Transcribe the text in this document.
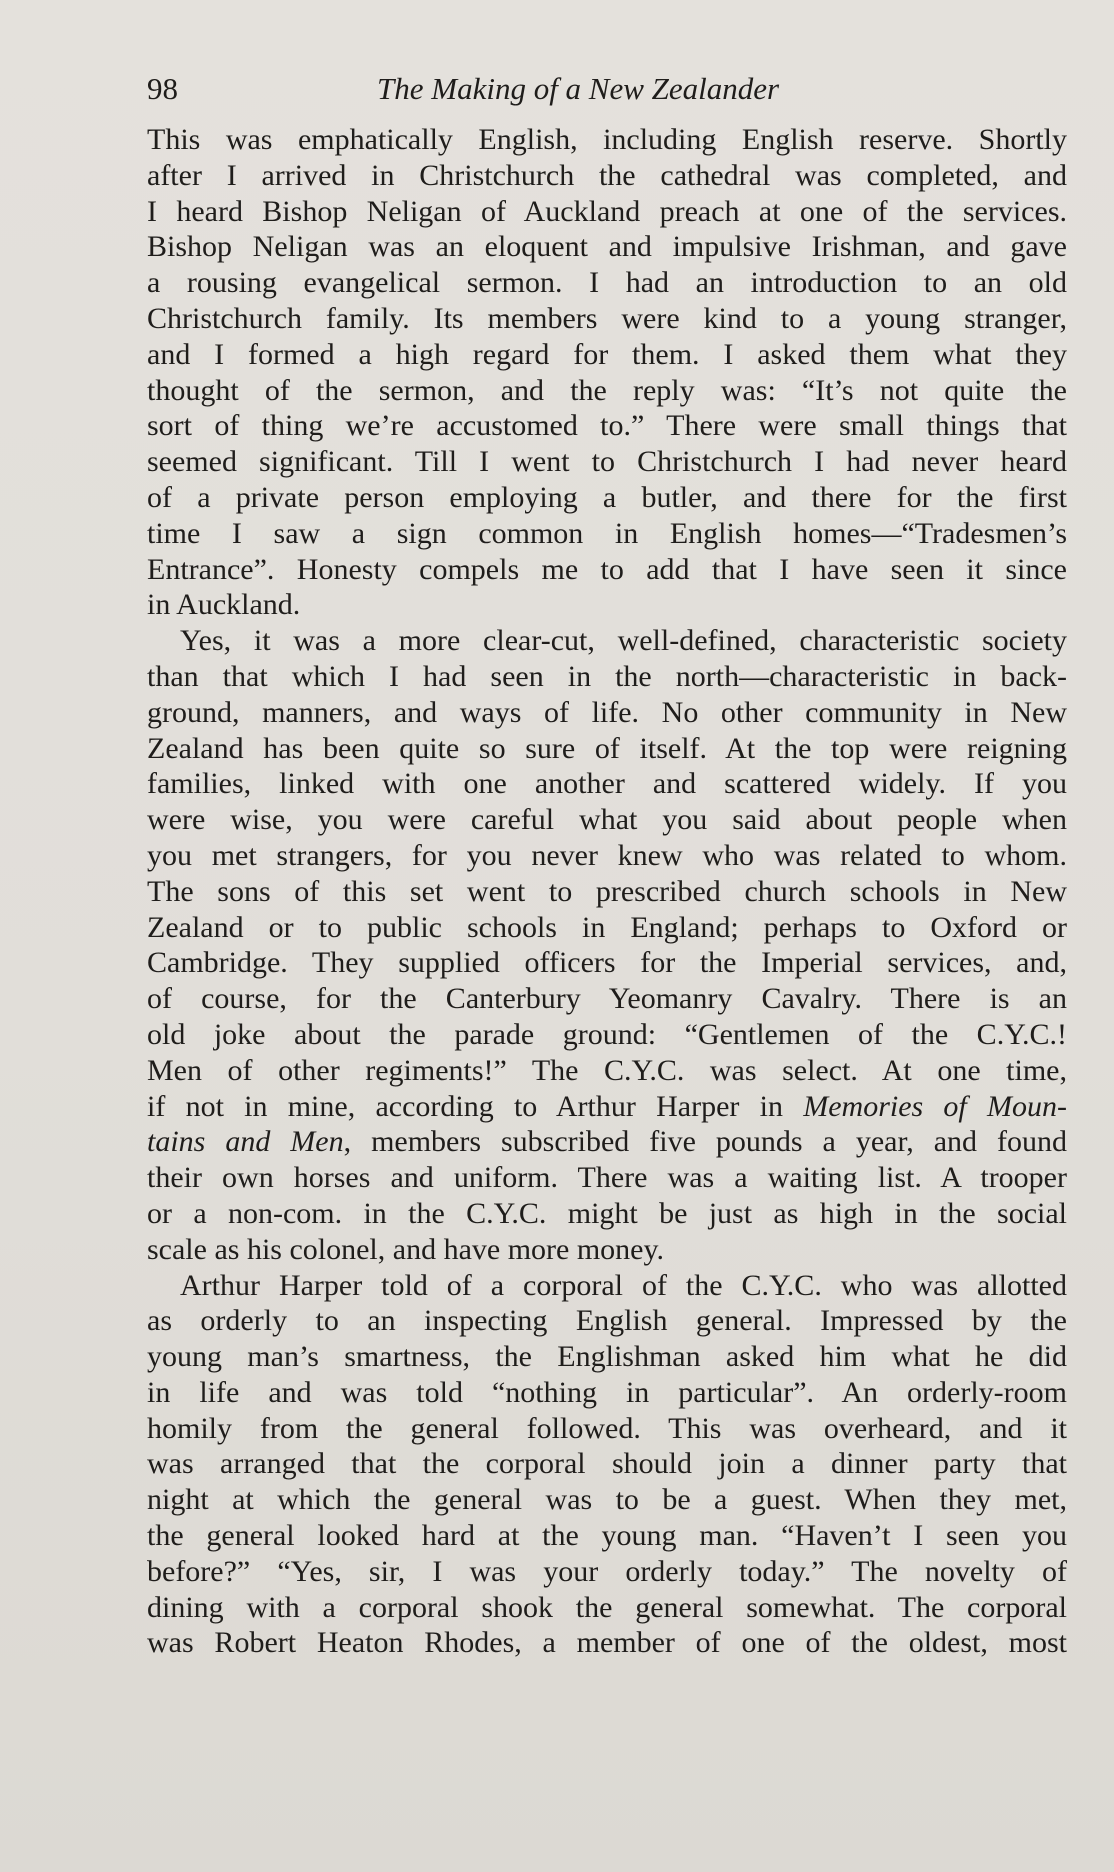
98	The Making of a New Zealander
This was emphatically English, including English reserve. Shortly
after I arrived in Christchurch the cathedral was completed, and
I heard Bishop Neligan of Auckland preach at one of the services.
Bishop Neligan was an eloquent and impulsive Irishman, and gave
a rousing evangelical sermon. I had an introduction to an old
Christchurch family. Its members were kind to a young stranger,
and I formed a high regard for them. I asked them what they
thought of the sermon, and the reply was: “It’s not quite the
sort of thing we’re accustomed to.” There were small things that
seemed significant. Till I went to Christchurch I had never heard
of a private person employing a butler, and there for the first
time I saw a sign common in English homes—“Tradesmen’s
Entrance”. Honesty compels me to add that I have seen it since
in Auckland.
Yes, it was a more clear-cut, well-defined, characteristic society
than that which I had seen in the north—characteristic in back-
ground, manners, and ways of life. No other community in New
Zealand has been quite so sure of itself. At the top were reigning
families, linked with one another and scattered widely. If you
were wise, you were careful what you said about people when
you met strangers, for you never knew who was related to whom.
The sons of this set went to prescribed church schools in New
Zealand or to public schools in England; perhaps to Oxford or
Cambridge. They supplied officers for the Imperial services, and,
of course, for the Canterbury Yeomanry Cavalry. There is an
old joke about the parade ground: “Gentlemen of the C.Y.C.!
Men of other regiments!” The C.Y.C. was select. At one time,
if not in mine, according to Arthur Harper in Memories of Moun-
tains and Men, members subscribed five pounds a year, and found
their own horses and uniform. There was a waiting list. A trooper
or a non-com. in the C.Y.C. might be just as high in the social
scale as his colonel, and have more money.
Arthur Harper told of a corporal of the C.Y.C. who was allotted
as orderly to an inspecting English general. Impressed by the
young man’s smartness, the Englishman asked him what he did
in life and was told “nothing in particular”. An orderly-room
homily from the general followed. This was overheard, and it
was arranged that the corporal should join a dinner party that
night at which the general was to be a guest. When they met,
the general looked hard at the young man. “Haven’t I seen you
before?” “Yes, sir, I was your orderly today.” The novelty of
dining with a corporal shook the general somewhat. The corporal
was Robert Heaton Rhodes, a member of one of the oldest, most
